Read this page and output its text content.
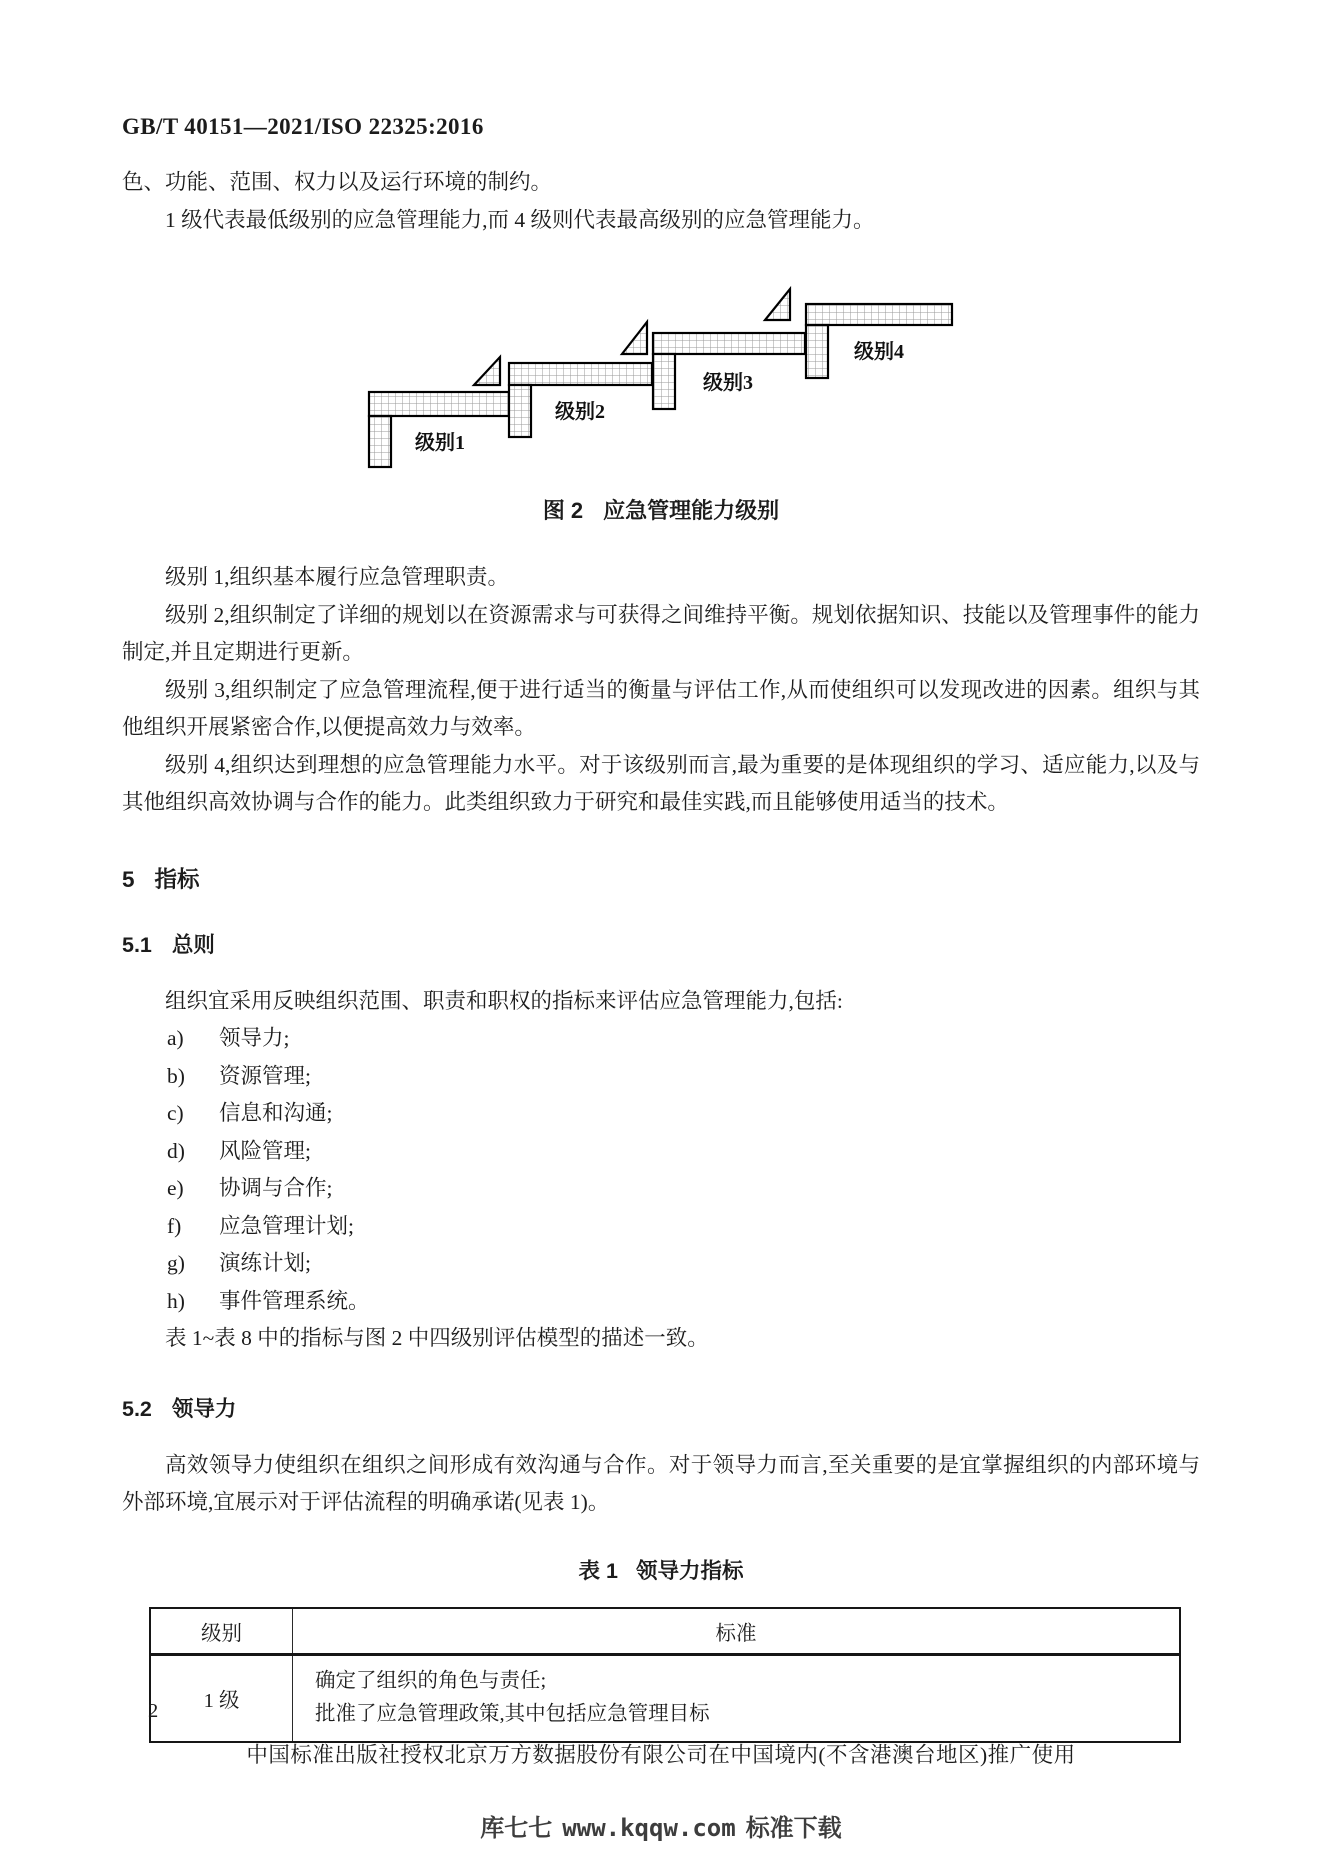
GB/T 40151—2021/ISO 22325:2016

色、功能、范围、权力以及运行环境的制约。

1 级代表最低级别的应急管理能力,而 4 级则代表最高级别的应急管理能力。

级别1
级别2
级别3
级别4
图 2 应急管理能力级别

级别 1,组织基本履行应急管理职责。

级别 2,组织制定了详细的规划以在资源需求与可获得之间维持平衡。规划依据知识、技能以及管理事件的能力制定,并且定期进行更新。

级别 3,组织制定了应急管理流程,便于进行适当的衡量与评估工作,从而使组织可以发现改进的因素。组织与其他组织开展紧密合作,以便提高效力与效率。

级别 4,组织达到理想的应急管理能力水平。对于该级别而言,最为重要的是体现组织的学习、适应能力,以及与其他组织高效协调与合作的能力。此类组织致力于研究和最佳实践,而且能够使用适当的技术。

5 指标
5.1 总则

组织宜采用反映组织范围、职责和职权的指标来评估应急管理能力,包括:

a)	领导力;
b)	资源管理;
c)	信息和沟通;
d)	风险管理;
e)	协调与合作;
f)	应急管理计划;
g)	演练计划;
h)	事件管理系统。

表 1~表 8 中的指标与图 2 中四级别评估模型的描述一致。

5.2 领导力

高效领导力使组织在组织之间形成有效沟通与合作。对于领导力而言,至关重要的是宜掌握组织的内部环境与外部环境,宜展示对于评估流程的明确承诺(见表 1)。

表 1 领导力指标
级别	标准
1 级	确定了组织的角色与责任;
批准了应急管理政策,其中包括应急管理目标
2
中国标准出版社授权北京万方数据股份有限公司在中国境内(不含港澳台地区)推广使用
库七七 www.kqqw.com 标准下载
